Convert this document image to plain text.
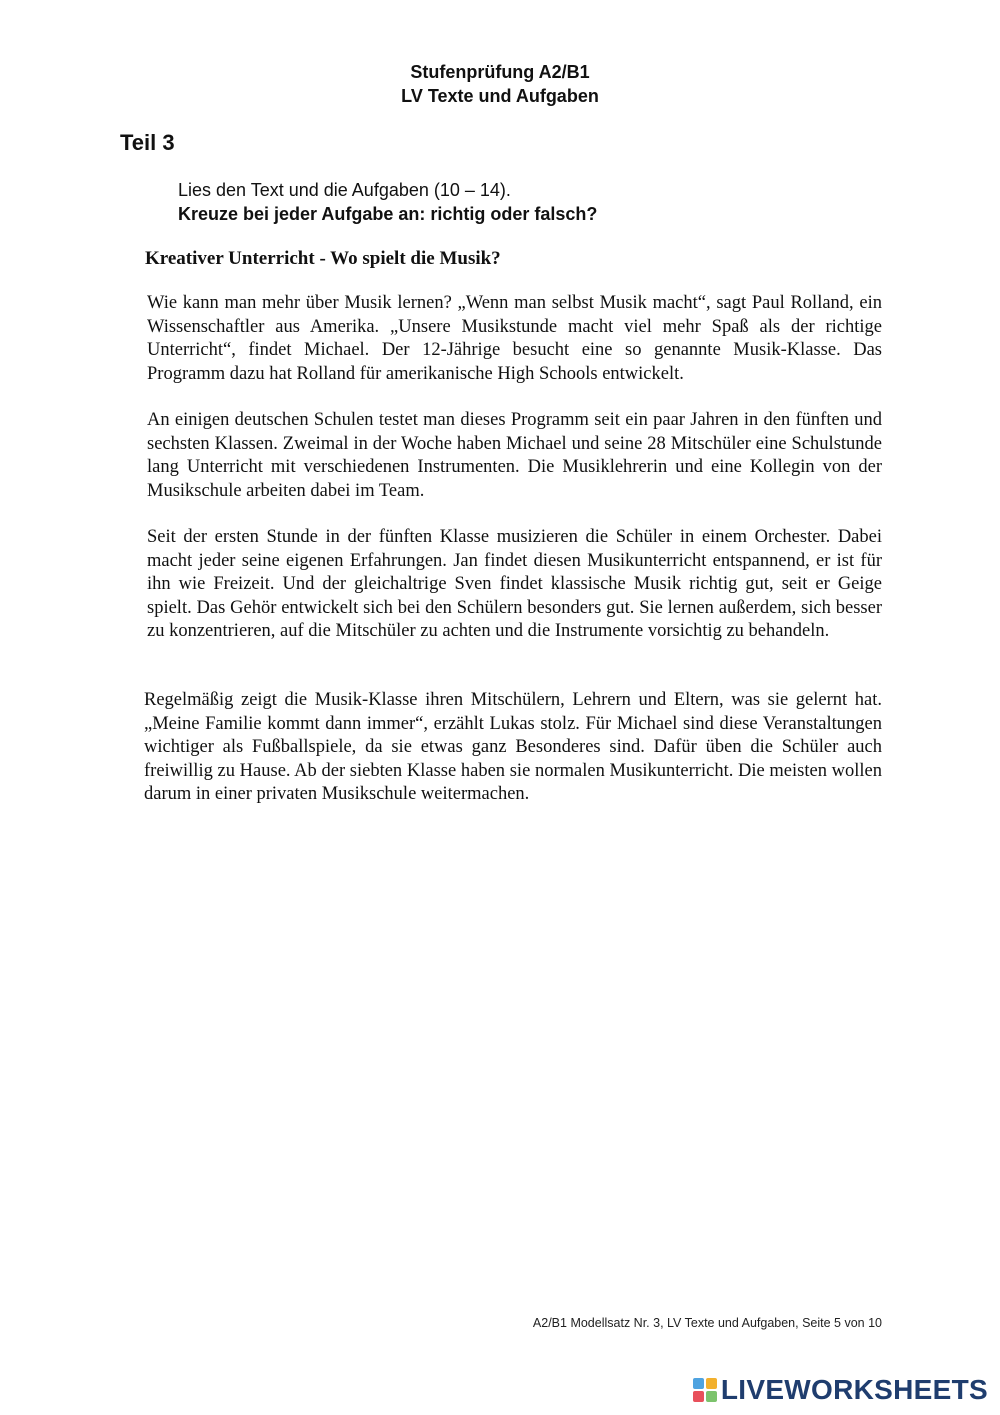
Stufenprüfung A2/B1
LV Texte und Aufgaben
Teil 3
Lies den Text und die Aufgaben (10 – 14).
Kreuze bei jeder Aufgabe an: richtig oder falsch?
Kreativer Unterricht - Wo spielt die Musik?
Wie kann man mehr über Musik lernen? „Wenn man selbst Musik macht“, sagt Paul Rolland, ein Wissenschaftler aus Amerika. „Unsere Musikstunde macht viel mehr Spaß als der richtige Unterricht“, findet Michael. Der 12-Jährige besucht eine so genannte Musik-Klasse. Das Programm dazu hat Rolland für amerikanische High Schools entwickelt.
An einigen deutschen Schulen testet man dieses Programm seit ein paar Jahren in den fünften und sechsten Klassen. Zweimal in der Woche haben Michael und seine 28 Mitschüler eine Schulstunde lang Unterricht mit verschiedenen Instrumenten. Die Musiklehrerin und eine Kollegin von der Musikschule arbeiten dabei im Team.
Seit der ersten Stunde in der fünften Klasse musizieren die Schüler in einem Orchester. Dabei macht jeder seine eigenen Erfahrungen. Jan findet diesen Musikunterricht entspannend, er ist für ihn wie Freizeit. Und der gleichaltrige Sven findet klassische Musik richtig gut, seit er Geige spielt. Das Gehör entwickelt sich bei den Schülern besonders gut. Sie lernen außerdem, sich besser zu konzentrieren, auf die Mitschüler zu achten und die Instrumente vorsichtig zu behandeln.
Regelmäßig zeigt die Musik-Klasse ihren Mitschülern, Lehrern und Eltern, was sie gelernt hat. „Meine Familie kommt dann immer“, erzählt Lukas stolz. Für Michael sind diese Veranstaltungen wichtiger als Fußballspiele, da sie etwas ganz Besonderes sind. Dafür üben die Schüler auch freiwillig zu Hause. Ab der siebten Klasse haben sie normalen Musikunterricht. Die meisten wollen darum in einer privaten Musikschule weitermachen.
A2/B1 Modellsatz Nr. 3, LV Texte und Aufgaben, Seite 5 von 10
LIVEWORKSHEETS
